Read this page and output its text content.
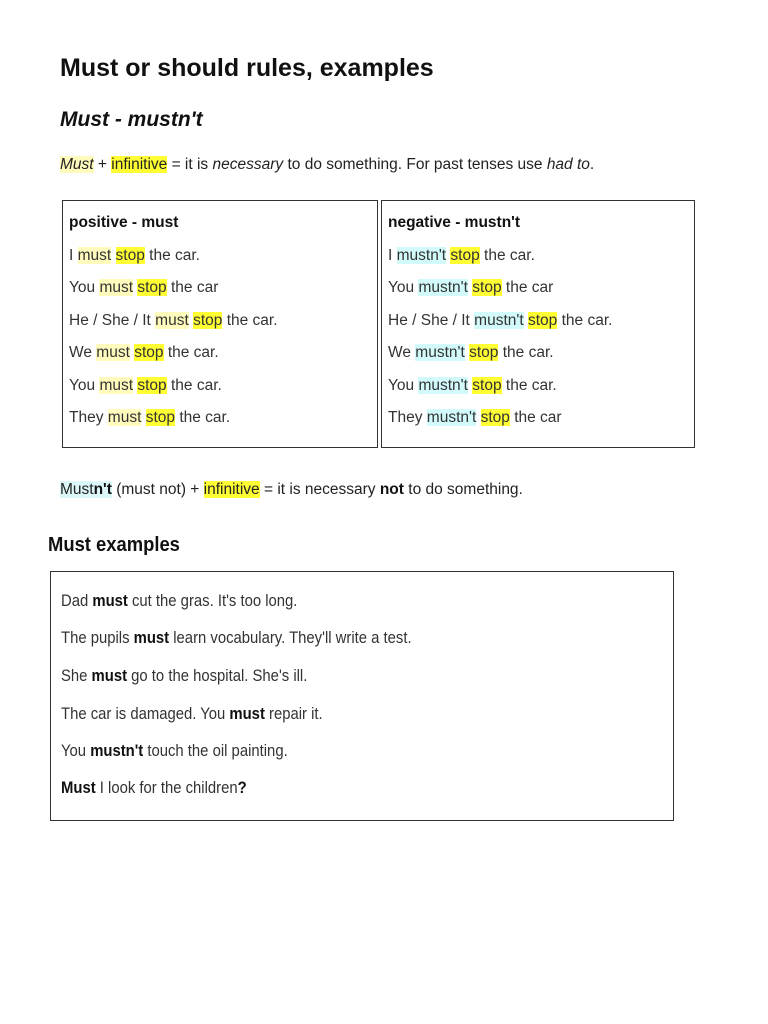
Must or should rules, examples
Must - mustn't

Must + infinitive = it is necessary to do something. For past tenses use had to.

positive - must
I must stop the car.
You must stop the car
He / She / It must stop the car.
We must stop the car.
You must stop the car.
They must stop the car.
negative - mustn't
I mustn't stop the car.
You mustn't stop the car
He / She / It mustn't stop the car.
We mustn't stop the car.
You mustn't stop the car.
They mustn't stop the car

Mustn't (must not) + infinitive = it is necessary not to do something.

Must examples
Dad must cut the gras. It's too long.
The pupils must learn vocabulary. They'll write a test.
She must go to the hospital. She's ill.
The car is damaged. You must repair it.
You mustn't touch the oil painting.
Must I look for the children?
